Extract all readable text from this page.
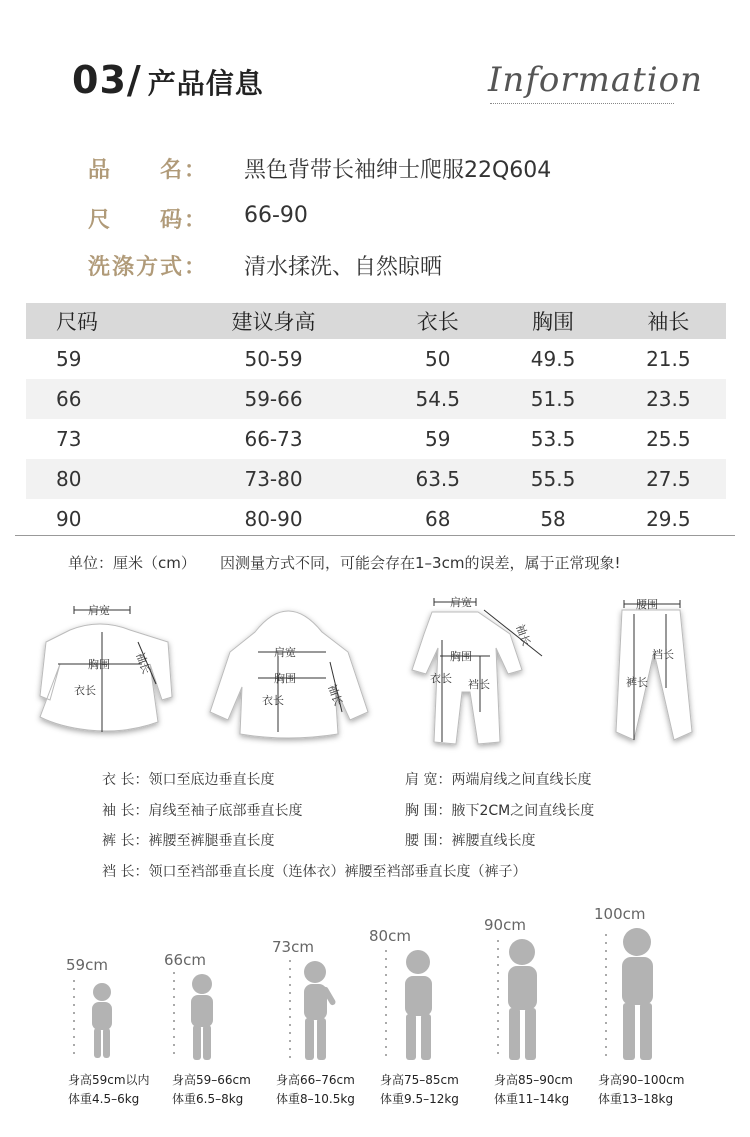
03/ 产品信息	Information
品　　名： 黑色背带长袖绅士爬服22Q604
尺　　码： 66-90
洗涤方式： 清水揉洗、自然晾晒
尺码	建议身高	衣长	胸围	袖长
59	50-59	50	49.5	21.5
66	59-66	54.5	51.5	23.5
73	66-73	59	53.5	25.5
80	73-80	63.5	55.5	27.5
90	80-90	68	58	29.5
单位：厘米（cm） 因测量方式不同，可能会存在1–3cm的误差，属于正常现象!
肩宽
胸围
衣长
袖长	肩宽
胸围
衣长	袖长
肩宽
袖长
胸围
衣长 裆长
腰围
裆长
裤长
衣 长：领口至底边垂直长度	肩 宽：两端肩线之间直线长度
袖 长：肩线至袖子底部垂直长度	胸 围：腋下2CM之间直线长度
裤 长：裤腰至裤腿垂直长度	腰 围：裤腰直线长度
裆 长：领口至裆部垂直长度（连体衣）裤腰至裆部垂直长度（裤子）
59cm	66cm
73cm
80cm
90cm
100cm
身高59cm以内
体重4.5–6kg
身高59–66cm
体重6.5–8kg
身高66–76cm
体重8–10.5kg
身高75–85cm
体重9.5–12kg
身高85–90cm
体重11–14kg
身高90–100cm
体重13–18kg
